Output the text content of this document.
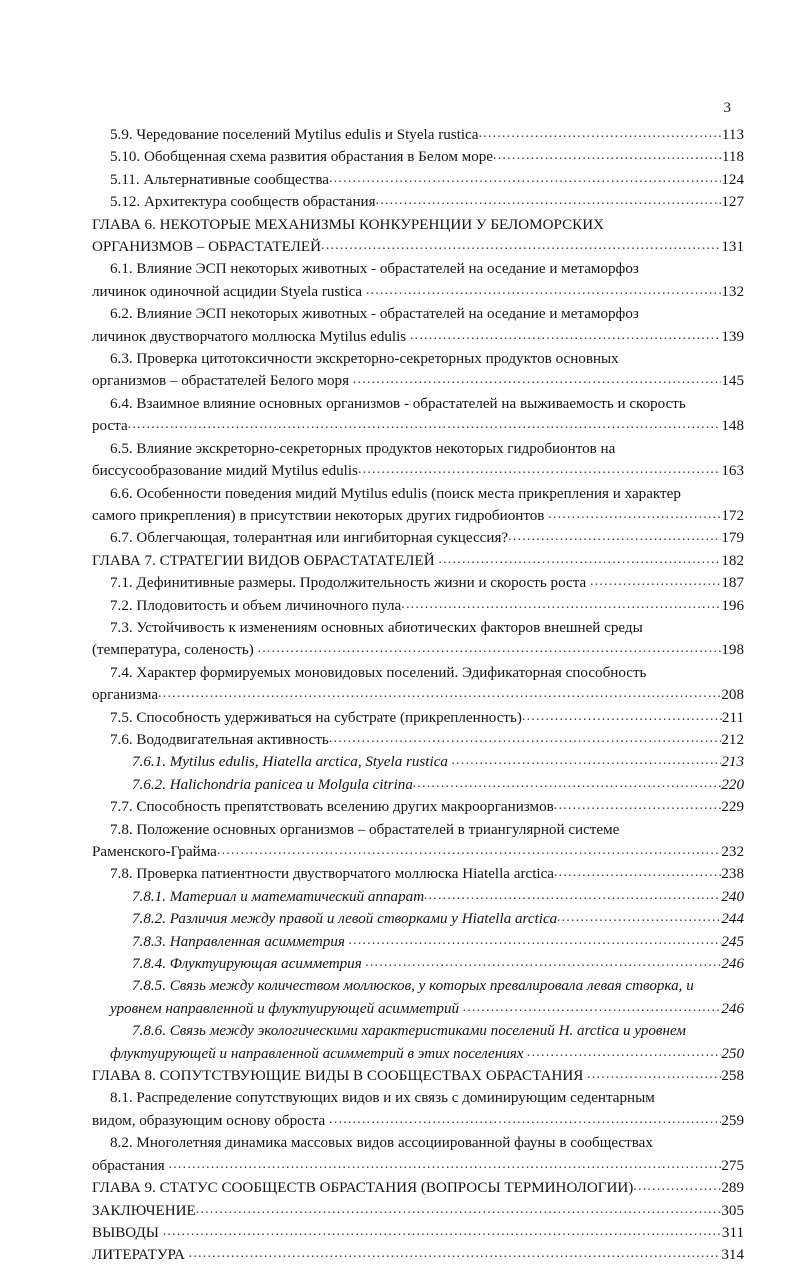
3
5.9. Чередование поселений Mytilus edulis и Styela rustica .....	113
5.10. Обобщенная схема развития обрастания в Белом море .....	118
5.11. Альтернативные сообщества .....	124
5.12. Архитектура сообществ обрастания .....	127
ГЛАВА 6. НЕКОТОРЫЕ МЕХАНИЗМЫ КОНКУРЕНЦИИ У БЕЛОМОРСКИХ
ОРГАНИЗМОВ – ОБРАСТАТЕЛЕЙ .....	131
6.1. Влияние ЭСП некоторых животных - обрастателей на оседание и метаморфоз
личинок одиночной асцидии Styela rustica .....	132
6.2. Влияние ЭСП некоторых животных - обрастателей на оседание и метаморфоз
личинок двустворчатого моллюска Mytilus edulis .....	139
6.3. Проверка цитотоксичности экскреторно-секреторных продуктов основных
организмов – обрастателей Белого моря .....	145
6.4. Взаимное влияние основных организмов - обрастателей на выживаемость и скорость
роста .....	148
6.5. Влияние экскреторно-секреторных продуктов некоторых гидробионтов на
биссусообразование мидий Mytilus edulis .....	163
6.6. Особенности поведения мидий Mytilus edulis (поиск места прикрепления и характер
самого прикрепления) в присутствии некоторых других гидробионтов .....	172
6.7. Облегчающая, толерантная или ингибиторная сукцессия? .....	179
ГЛАВА 7. СТРАТЕГИИ ВИДОВ ОБРАСТАТАТЕЛЕЙ .....	182
7.1. Дефинитивные размеры. Продолжительность жизни и скорость роста .....	187
7.2. Плодовитость и объем личиночного пула .....	196
7.3. Устойчивость к изменениям основных абиотических факторов внешней среды
(температура, соленость) .....	198
7.4. Характер формируемых моновидовых поселений. Эдификаторная способность
организма .....	208
7.5. Способность удерживаться на субстрате (прикрепленность) .....	211
7.6. Вододвигательная активность .....	212
7.6.1. Mytilus edulis, Hiatella arctica, Styela rustica .....	213
7.6.2. Halichondria panicea и Molgula citrina .....	220
7.7. Способность препятствовать вселению других макроорганизмов .....	229
7.8. Положение основных организмов – обрастателей в триангулярной системе
Раменского-Грайма .....	232
7.8. Проверка патиентности двустворчатого моллюска Hiatella arctica .....	238
7.8.1. Материал и математический аппарат .....	240
7.8.2. Различия между правой и левой створками у Hiatella arctica .....	244
7.8.3. Направленная асимметрия .....	245
7.8.4. Флуктуирующая асимметрия .....	246
7.8.5. Связь между количеством моллюсков, у которых превалировала левая створка, и
уровнем направленной и флуктуирующей асимметрий .....	246
7.8.6. Связь между экологическими характеристиками поселений H. arctica и уровнем
флуктуирующей и направленной асимметрий в этих поселениях .....	250
ГЛАВА 8. СОПУТСТВУЮЩИЕ ВИДЫ В СООБЩЕСТВАХ ОБРАСТАНИЯ .....	258
8.1. Распределение сопутствующих видов и их связь с доминирующим седентарным
видом, образующим основу оброста .....	259
8.2. Многолетняя динамика массовых видов ассоциированной фауны в сообществах
обрастания .....	275
ГЛАВА 9. СТАТУС СООБЩЕСТВ ОБРАСТАНИЯ (ВОПРОСЫ ТЕРМИНОЛОГИИ) .....	289
ЗАКЛЮЧЕНИЕ .....	305
ВЫВОДЫ .....	311
ЛИТЕРАТУРА .....	314
